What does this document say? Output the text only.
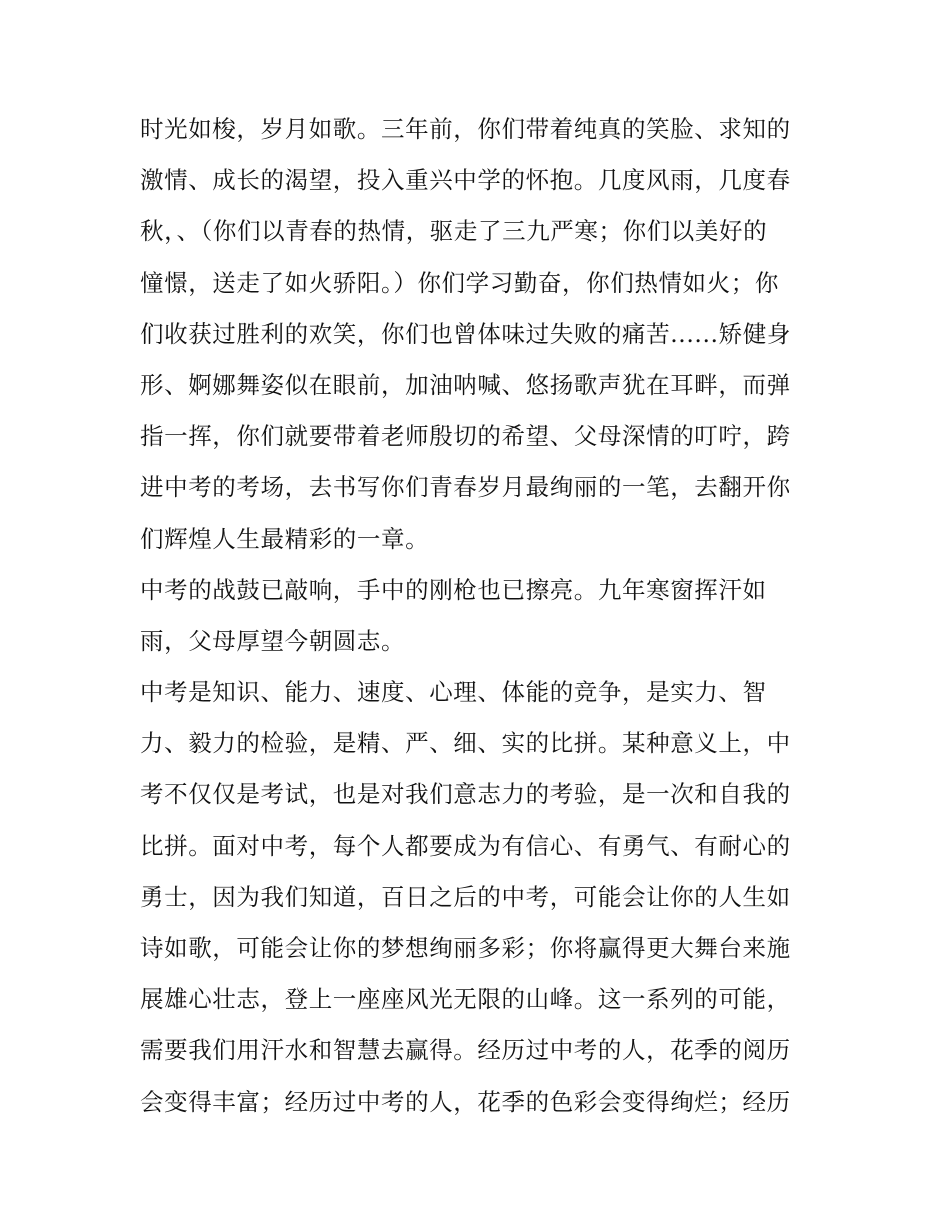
时光如梭，岁月如歌。三年前，你们带着纯真的笑脸、求知的
激情、成长的渴望，投入重兴中学的怀抱。几度风雨，几度春
秋，、（你们以青春的热情，驱走了三九严寒；你们以美好的
憧憬，送走了如火骄阳。）你们学习勤奋，你们热情如火；你
们收获过胜利的欢笑，你们也曾体味过失败的痛苦......矫健身
形、婀娜舞姿似在眼前，加油呐喊、悠扬歌声犹在耳畔，而弹
指一挥，你们就要带着老师殷切的希望、父母深情的叮咛，跨
进中考的考场，去书写你们青春岁月最绚丽的一笔，去翻开你
们辉煌人生最精彩的一章。
中考的战鼓已敲响，手中的刚枪也已擦亮。九年寒窗挥汗如
雨，父母厚望今朝圆志。
中考是知识、能力、速度、心理、体能的竞争，是实力、智
力、毅力的检验，是精、严、细、实的比拼。某种意义上，中
考不仅仅是考试，也是对我们意志力的考验，是一次和自我的
比拼。面对中考，每个人都要成为有信心、有勇气、有耐心的
勇士，因为我们知道，百日之后的中考，可能会让你的人生如
诗如歌，可能会让你的梦想绚丽多彩；你将赢得更大舞台来施
展雄心壮志，登上一座座风光无限的山峰。这一系列的可能，
需要我们用汗水和智慧去赢得。经历过中考的人，花季的阅历
会变得丰富；经历过中考的人，花季的色彩会变得绚烂；经历
